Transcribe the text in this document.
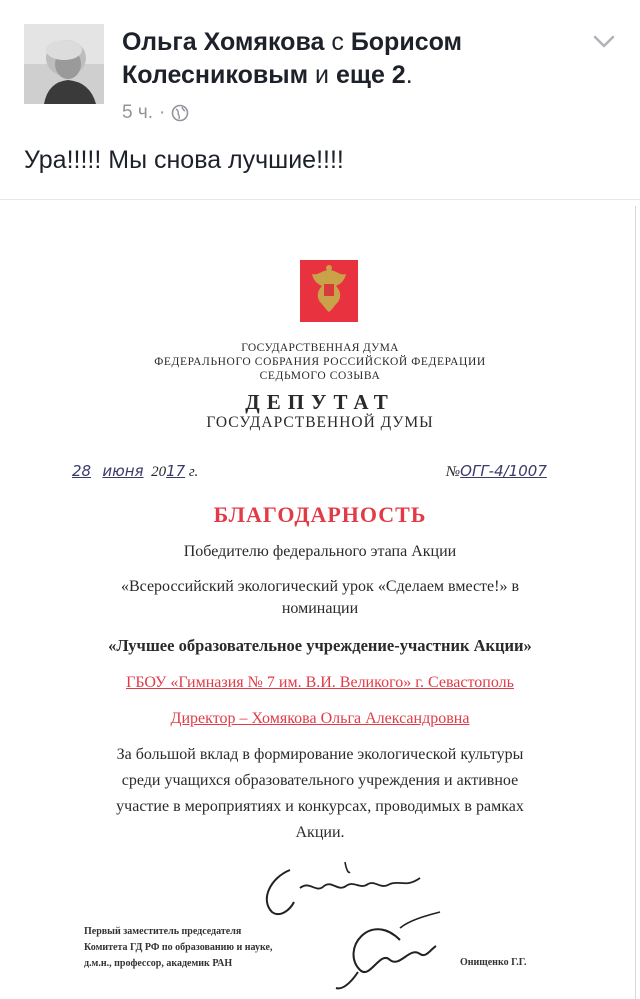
Ольга Хомякова с Борисом Колесниковым и еще 2.
5 ч. ·
Ура!!!!! Мы снова лучшие!!!!
ГОСУДАРСТВЕННАЯ ДУМА
ФЕДЕРАЛЬНОГО СОБРАНИЯ РОССИЙСКОЙ ФЕДЕРАЦИИ
СЕДЬМОГО СОЗЫВА
ДЕПУТАТ
ГОСУДАРСТВЕННОЙ ДУМЫ
28 июня 2017 г.	№ОГГ-4/1007
БЛАГОДАРНОСТЬ
Победителю федерального этапа Акции
«Всероссийский экологический урок «Сделаем вместе!» в
номинации
«Лучшее образовательное учреждение-участник Акции»
ГБОУ «Гимназия № 7 им. В.И. Великого» г. Севастополь
Директор – Хомякова Ольга Александровна
За большой вклад в формирование экологической культуры
среди учащихся образовательного учреждения и активное
участие в мероприятиях и конкурсах, проводимых в рамках
Акции.
Первый заместитель председателя
Комитета ГД РФ по образованию и науке,
д.м.н., профессор, академик РАН	Онищенко Г.Г.
